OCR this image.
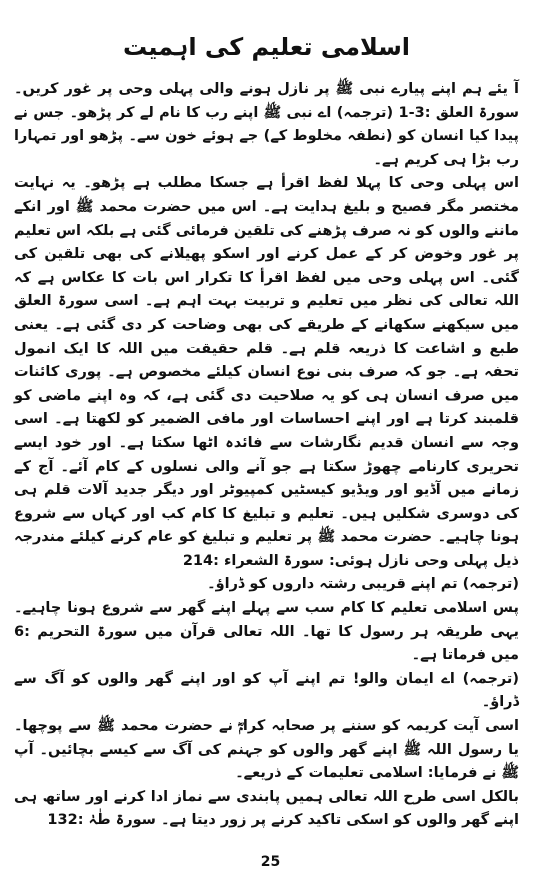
اسلامی تعلیم کی اہمیت

آ یئے ہم اپنے پیارے نبی ﷺ پر نازل ہونے والی پہلی وحی پر غور کریں۔ سورۃ العلق :3-1 (ترجمہ) اے نبی ﷺ اپنے رب کا نام لے کر پڑھو۔ جس نے پیدا کیا انسان کو (نطفہ مخلوط کے) جے ہوئے خون سے۔ پڑھو اور تمہارا رب بڑا ہی کریم ہے۔

اس پہلی وحی کا پہلا لفظ اقرأ ہے جسکا مطلب ہے پڑھو۔ یہ نہایت مختصر مگر فصیح و بلیغ ہدایت ہے۔ اس میں حضرت محمد ﷺ اور انکے ماننے والوں کو نہ صرف پڑھنے کی تلقین فرمائی گئی ہے بلکہ اس تعلیم پر غور وخوض کر کے عمل کرنے اور اسکو پھیلانے کی بھی تلقین کی گئی۔ اس پہلی وحی میں لفظ اقرأ کا تکرار اس بات کا عکاس ہے کہ اللہ تعالی کی نظر میں تعلیم و تربیت بہت اہم ہے۔ اسی سورۃ العلق میں سیکھنے سکھانے کے طریقے کی بھی وضاحت کر دی گئی ہے۔ یعنی طبع و اشاعت کا ذریعہ قلم ہے۔ قلم حقیقت میں اللہ کا ایک انمول تحفہ ہے۔ جو کہ صرف بنی نوع انسان کیلئے مخصوص ہے۔ پوری کائنات میں صرف انسان ہی کو یہ صلاحیت دی گئی ہے، کہ وہ اپنے ماضی کو قلمبند کرتا ہے اور اپنے احساسات اور مافی الضمیر کو لکھتا ہے۔ اسی وجہ سے انسان قدیم نگارشات سے فائدہ اٹھا سکتا ہے۔ اور خود ایسے تحریری کارنامے چھوڑ سکتا ہے جو آنے والی نسلوں کے کام آئے۔ آج کے زمانے میں آڈیو اور ویڈیو کیسٹیں کمپیوٹر اور دیگر جدید آلات قلم ہی کی دوسری شکلیں ہیں۔ تعلیم و تبلیغ کا کام کب اور کہاں سے شروع ہونا چاہیے۔ حضرت محمد ﷺ پر تعلیم و تبلیغ کو عام کرنے کیلئے مندرجہ ذیل پہلی وحی نازل ہوئی: سورۃ الشعراء :214

(ترجمہ) تم اپنے قریبی رشتہ داروں کو ڈراؤ۔

پس اسلامی تعلیم کا کام سب سے پہلے اپنے گھر سے شروع ہونا چاہیے۔ یہی طریقہ ہر رسول کا تھا۔ اللہ تعالی قرآن میں سورۃ التحریم :6 میں فرماتا ہے۔

(ترجمہ) اے ایمان والو! تم اپنے آپ کو اور اپنے گھر والوں کو آگ سے ڈراؤ۔

اسی آیت کریمہ کو سننے پر صحابہ کرامؓ نے حضرت محمد ﷺ سے پوچھا۔ یا رسول اللہ ﷺ اپنے گھر والوں کو جہنم کی آگ سے کیسے بچائیں۔ آپ ﷺ نے فرمایا: اسلامی تعلیمات کے ذریعے۔

بالکل اسی طرح اللہ تعالی ہمیں پابندی سے نماز ادا کرنے اور ساتھ ہی اپنے گھر والوں کو اسکی تاکید کرنے پر زور دیتا ہے۔ سورۃ طٰہٰ :132

25
